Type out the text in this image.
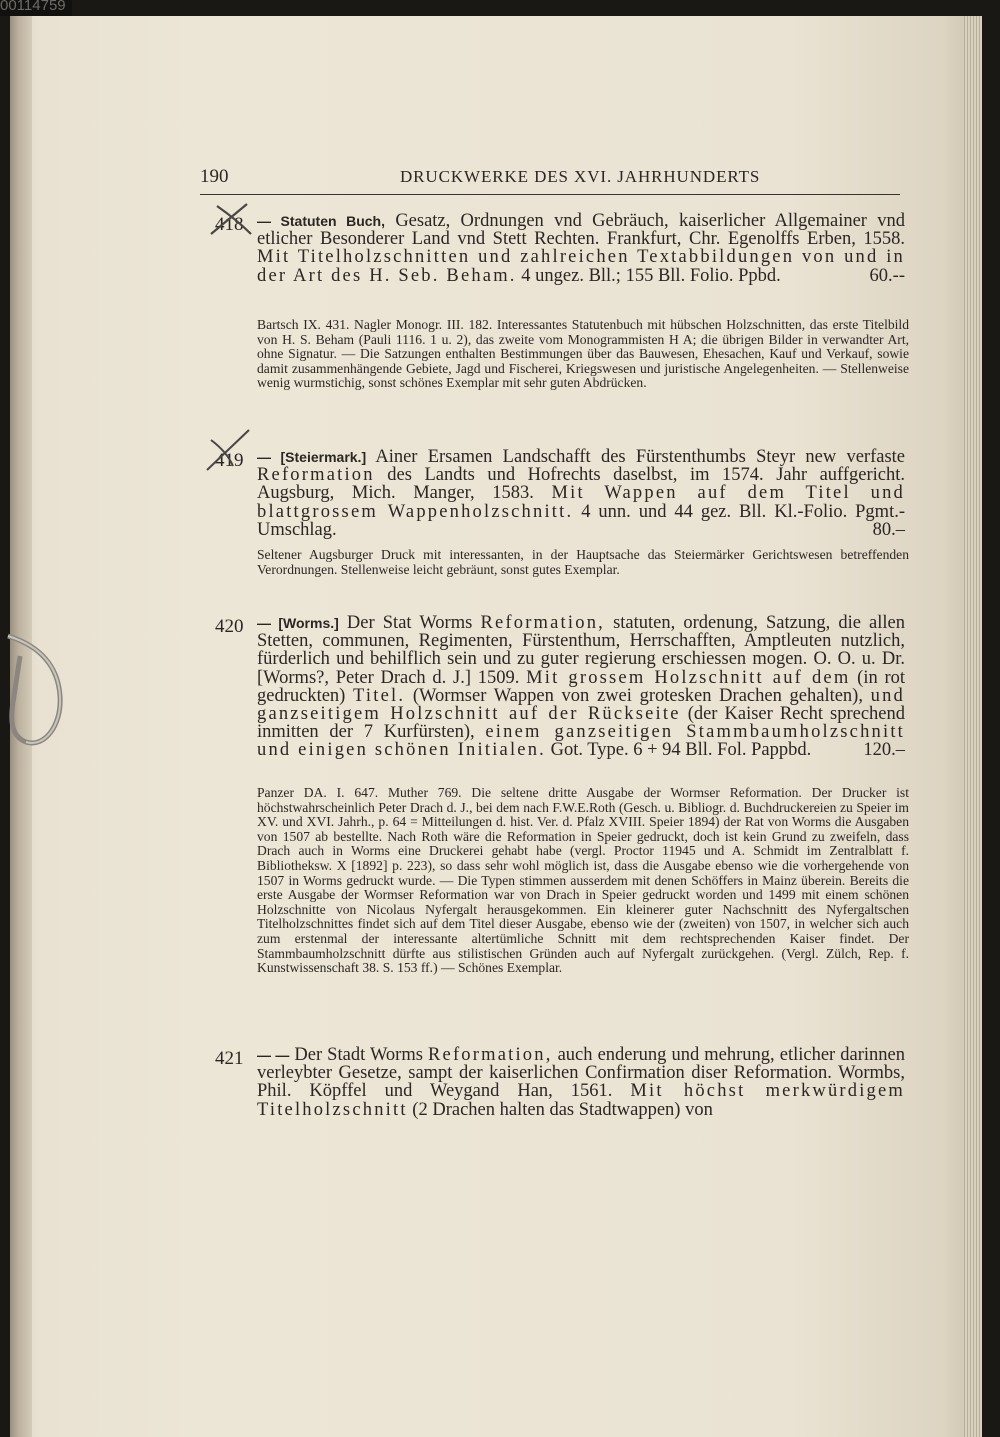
00114759
190	DRUCKWERKE DES XVI. JAHRHUNDERTS
418 — Statuten Buch, Gesatz, Ordnungen vnd Gebräuch, kaiserlicher Allgemainer vnd etlicher Besonderer Land vnd Stett Rechten. Frankfurt, Chr. Egenolffs Erben, 1558. Mit Titelholzschnitten und zahlreichen Textabbildungen von und in der Art des H. Seb. Beham. 4 ungez. Bll.; 155 Bll. Folio. Ppbd.	60.--
Bartsch IX. 431. Nagler Monogr. III. 182. Interessantes Statutenbuch mit hübschen Holzschnitten, das erste Titelbild von H. S. Beham (Pauli 1116. 1 u. 2), das zweite vom Monogrammisten H A; die übrigen Bilder in verwandter Art, ohne Signatur. — Die Satzungen enthalten Bestimmungen über das Bauwesen, Ehesachen, Kauf und Verkauf, sowie damit zusammenhängende Gebiete, Jagd und Fischerei, Kriegswesen und juristische Angelegenheiten. — Stellenweise wenig wurmstichig, sonst schönes Exemplar mit sehr guten Abdrücken.
419 — [Steiermark.] Ainer Ersamen Landschafft des Fürstenthumbs Steyr new verfaste Reformation des Landts und Hofrechts daselbst, im 1574. Jahr auffgericht. Augsburg, Mich. Manger, 1583. Mit Wappen auf dem Titel und blattgrossem Wappenholzschnitt. 4 unn. und 44 gez. Bll. Kl.-Folio. Pgmt.-Umschlag.	80.–
Seltener Augsburger Druck mit interessanten, in der Hauptsache das Steiermärker Gerichtswesen betreffenden Verordnungen. Stellenweise leicht gebräunt, sonst gutes Exemplar.
420 — [Worms.] Der Stat Worms Reformation, statuten, ordenung, Satzung, die allen Stetten, communen, Regimenten, Fürstenthum, Herrschafften, Amptleuten nutzlich, fürderlich und behilflich sein und zu guter regierung erschiessen mogen. O. O. u. Dr. [Worms?, Peter Drach d. J.] 1509. Mit grossem Holzschnitt auf dem (in rot gedruckten) Titel. (Wormser Wappen von zwei grotesken Drachen gehalten), und ganzseitigem Holzschnitt auf der Rückseite (der Kaiser Recht sprechend inmitten der 7 Kurfürsten), einem ganzseitigen Stammbaumholzschnitt und einigen schönen Initialen. Got. Type. 6 + 94 Bll. Fol. Pappbd.	120.–
Panzer DA. I. 647. Muther 769. Die seltene dritte Ausgabe der Wormser Reformation. Der Drucker ist höchstwahrscheinlich Peter Drach d. J., bei dem nach F.W.E.Roth (Gesch. u. Bibliogr. d. Buchdruckereien zu Speier im XV. und XVI. Jahrh., p. 64 = Mitteilungen d. hist. Ver. d. Pfalz XVIII. Speier 1894) der Rat von Worms die Ausgaben von 1507 ab bestellte. Nach Roth wäre die Reformation in Speier gedruckt, doch ist kein Grund zu zweifeln, dass Drach auch in Worms eine Druckerei gehabt habe (vergl. Proctor 11945 und A. Schmidt im Zentralblatt f. Bibliotheksw. X [1892] p. 223), so dass sehr wohl möglich ist, dass die Ausgabe ebenso wie die vorhergehende von 1507 in Worms gedruckt wurde. — Die Typen stimmen ausserdem mit denen Schöffers in Mainz überein. Bereits die erste Ausgabe der Wormser Reformation war von Drach in Speier gedruckt worden und 1499 mit einem schönen Holzschnitte von Nicolaus Nyfergalt herausgekommen. Ein kleinerer guter Nachschnitt des Nyfergaltschen Titelholzschnittes findet sich auf dem Titel dieser Ausgabe, ebenso wie der (zweiten) von 1507, in welcher sich auch zum erstenmal der interessante altertümliche Schnitt mit dem rechtsprechenden Kaiser findet. Der Stammbaumholzschnitt dürfte aus stilistischen Gründen auch auf Nyfergalt zurückgehen. (Vergl. Zülch, Rep. f. Kunstwissenschaft 38. S. 153 ff.) — Schönes Exemplar.
421 — — Der Stadt Worms Reformation, auch enderung und mehrung, etlicher darinnen verleybter Gesetze, sampt der kaiserlichen Confirmation diser Reformation. Wormbs, Phil. Köpffel und Weygand Han, 1561. Mit höchst merkwürdigem Titelholzschnitt (2 Drachen halten das Stadtwappen) von
